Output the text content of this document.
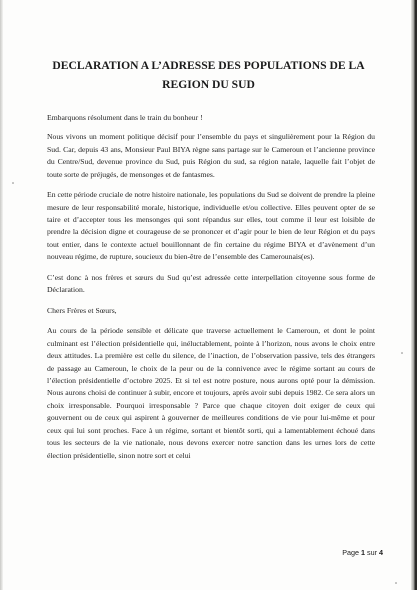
DECLARATION A L’ADRESSE DES POPULATIONS DE LA
REGION DU SUD

Embarquons résolument dans le train du bonheur !

Nous vivons un moment politique décisif pour l’ensemble du pays et singulièrement pour la Région du Sud. Car, depuis 43 ans, Monsieur Paul BIYA règne sans partage sur le Cameroun et l’ancienne province du Centre/Sud, devenue province du Sud, puis Région du sud, sa région natale, laquelle fait l’objet de toute sorte de préjugés, de mensonges et de fantasmes.

En cette période cruciale de notre histoire nationale, les populations du Sud se doivent de prendre la pleine mesure de leur responsabilité morale, historique, individuelle et/ou collective. Elles peuvent opter de se taire et d’accepter tous les mensonges qui sont répandus sur elles, tout comme il leur est loisible de prendre la décision digne et courageuse de se prononcer et d’agir pour le bien de leur Région et du pays tout entier, dans le contexte actuel bouillonnant de fin certaine du régime BIYA et d’avènement d’un nouveau régime, de rupture, soucieux du bien-être de l’ensemble des Camerounais(es).

C’est donc à nos frères et sœurs du Sud qu’est adressée cette interpellation citoyenne sous forme de Déclaration.

Chers Frères et Sœurs,

Au cours de la période sensible et délicate que traverse actuellement le Cameroun, et dont le point culminant est l’élection présidentielle qui, inéluctablement, pointe à l’horizon, nous avons le choix entre deux attitudes. La première est celle du silence, de l’inaction, de l’observation passive, tels des étrangers de passage au Cameroun, le choix de la peur ou de la connivence avec le régime sortant au cours de l’élection présidentielle d’octobre 2025. Et si tel est notre posture, nous aurons opté pour la démission. Nous aurons choisi de continuer à subir, encore et toujours, après avoir subi depuis 1982. Ce sera alors un choix irresponsable. Pourquoi irresponsable ? Parce que chaque citoyen doit exiger de ceux qui gouvernent ou de ceux qui aspirent à gouverner de meilleures conditions de vie pour lui-même et pour ceux qui lui sont proches. Face à un régime, sortant et bientôt sorti, qui a lamentablement échoué dans tous les secteurs de la vie nationale, nous devons exercer notre sanction dans les urnes lors de cette élection présidentielle, sinon notre sort et celui

Page 1 sur 4
